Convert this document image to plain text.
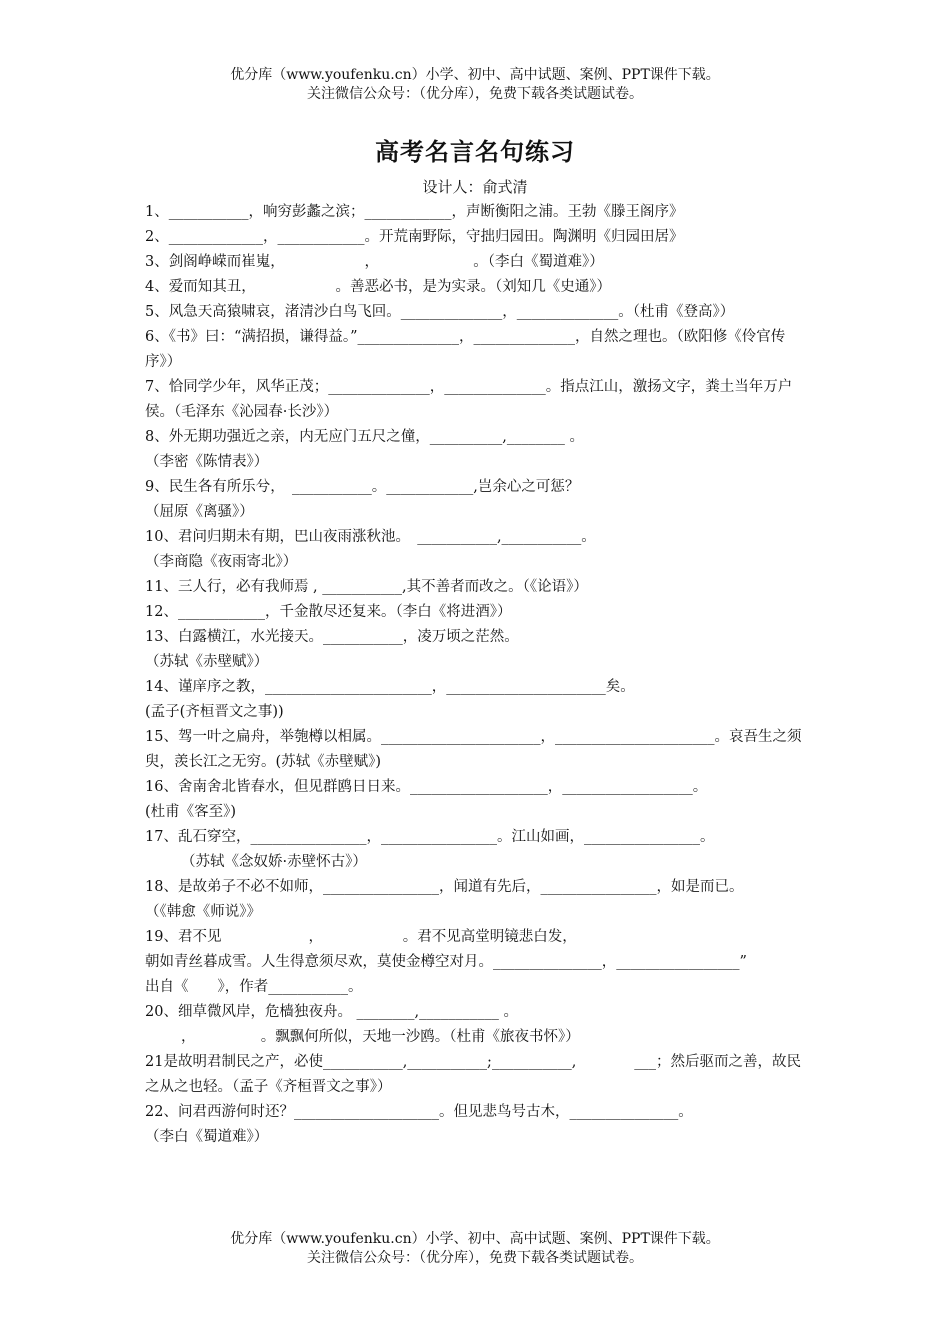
优分库（www.youfenku.cn）小学、初中、高中试题、案例、PPT课件下载。
关注微信公众号：（优分库），免费下载各类试题试卷。
高考名言名句练习
设计人：俞式清
1、___________，响穷彭蠡之滨；____________，声断衡阳之浦。王勃《滕王阁序》
2、_____________，____________。开荒南野际，守拙归园田。陶渊明《归园田居》
3、剑阁峥嵘而崔嵬，　　　　　　，　　　　　　　。（李白《蜀道难》）
4、爱而知其丑，　　　　　　。善恶必书，是为实录。（刘知几《史通》）
5、风急天高猿啸哀，渚清沙白鸟飞回。______________，______________。（杜甫《登高》）
6、《书》曰：“满招损，谦得益。”______________，______________，自然之理也。（欧阳修《伶官传序》）
7、恰同学少年，风华正茂；______________，______________。指点江山，激扬文字，粪土当年万户侯。（毛泽东《沁园春·长沙》）
8、外无期功强近之亲，内无应门五尺之僮，__________,________ 。
（李密《陈情表》）
9、民生各有所乐兮，　___________。____________,岂余心之可惩？
（屈原《离骚》）
10、君问归期未有期，巴山夜雨涨秋池。　___________,___________。
（李商隐《夜雨寄北》）
11、三人行，必有我师焉 , ___________,其不善者而改之。（《论语》）
12、____________，千金散尽还复来。（李白《将进酒》）
13、白露横江，水光接天。___________，凌万顷之茫然。
（苏轼《赤壁赋》）
14、谨庠序之教，_______________________，______________________矣。
(孟子(齐桓晋文之事))
15、驾一叶之扁舟，举匏樽以相属。______________________，______________________。哀吾生之须臾，羡长江之无穷。(苏轼《赤壁赋》)
16、舍南舍北皆春水，但见群鸥日日来。___________________，__________________。
(杜甫《客至》)
17、乱石穿空，________________，________________。江山如画，________________。
（苏轼《念奴娇·赤壁怀古》）
18、是故弟子不必不如师，________________，闻道有先后，________________，如是而已。
（《韩愈《师说》》
19、君不见　　　　　　，　　　　　　。君不见高堂明镜悲白发，
朝如青丝暮成雪。人生得意须尽欢，莫使金樽空对月。_______________，_________________”
出自《　　》，作者___________。
20、细草微风岸，危樯独夜舟。 ________,___________ 。
，　　　　　。飘飘何所似，天地一沙鸥。（杜甫《旅夜书怀》）
21是故明君制民之产，必使___________,___________;___________,　　　　___；然后驱而之善，故民之从之也轻。（孟子《齐桓晋文之事》）
22、问君西游何时还？____________________。但见悲鸟号古木，_______________。
（李白《蜀道难》）
优分库（www.youfenku.cn）小学、初中、高中试题、案例、PPT课件下载。
关注微信公众号：（优分库），免费下载各类试题试卷。
